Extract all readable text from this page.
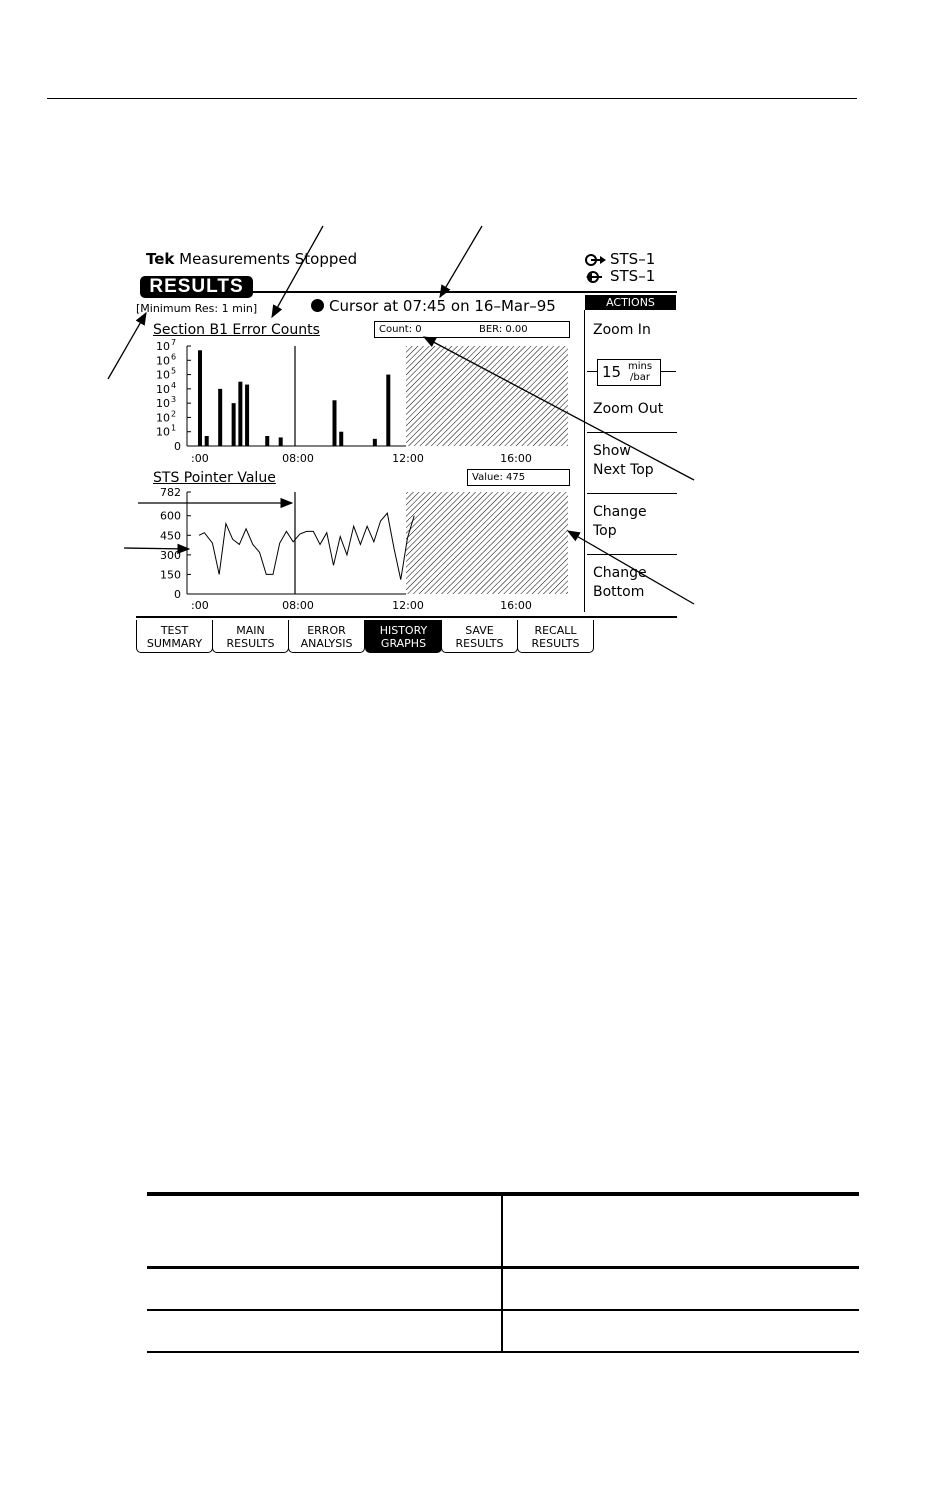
Tek Measurements Stopped	STS–1
STS–1
RESULTS
[Minimum Res: 1 min]	Cursor at 07:45 on 16–Mar–95	ACTIONS
Zoom In
15 mins
/bar
Zoom Out
Show
Next Top
Change
Top
Change
Bottom
Section B1 Error Counts	Count: 0	BER: 0.00
STS Pointer Value	Value: 475
0
10 1
10 2
10 3
10 4
10 5
10 6
10 7
:00	08:00	12:00	16:00
0
150
300
450
600
782
:00	08:00	12:00	16:00
TEST
SUMMARY
MAIN
RESULTS
ERROR
ANALYSIS
HISTORY
GRAPHS
SAVE
RESULTS
RECALL
RESULTS
